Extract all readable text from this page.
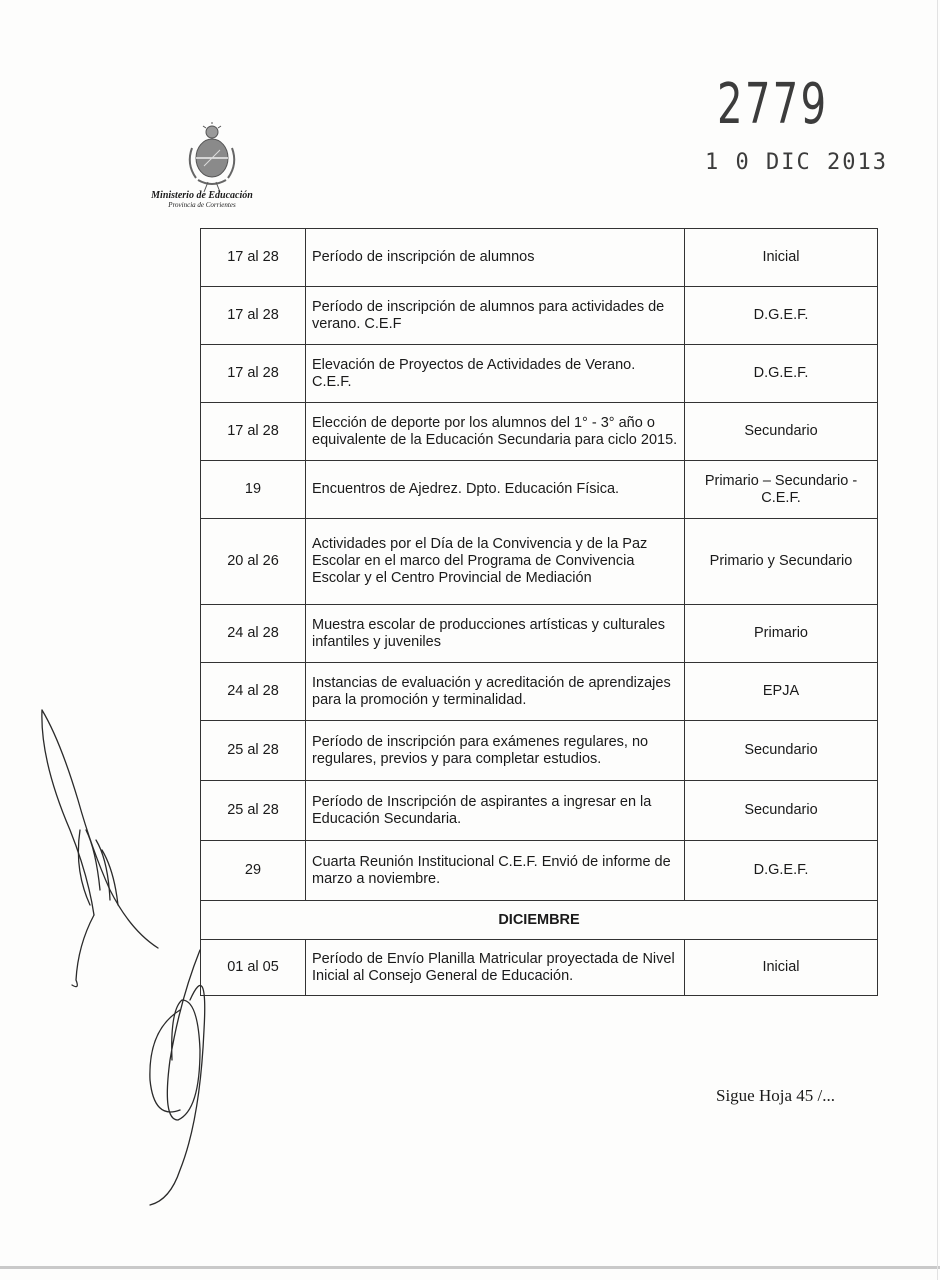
Ministerio de Educación
Provincia de Corrientes
2779
1 0 DIC 2013
17 al 28	Período de inscripción de alumnos	Inicial
17 al 28	Período de inscripción de alumnos para actividades de verano. C.E.F	D.G.E.F.
17 al 28	Elevación de Proyectos de Actividades de Verano. C.E.F.	D.G.E.F.
17 al 28	Elección de deporte por los alumnos del 1° - 3° año o equivalente de la Educación Secundaria para ciclo 2015.	Secundario
19	Encuentros de Ajedrez. Dpto. Educación Física.	Primario – Secundario - C.E.F.
20 al 26	Actividades por el Día de la Convivencia y de la Paz Escolar en el marco del Programa de Convivencia Escolar y el Centro Provincial de Mediación	Primario y Secundario
24 al 28	Muestra escolar de producciones artísticas y culturales infantiles y juveniles	Primario
24 al 28	Instancias de evaluación y acreditación de aprendizajes para la promoción y terminalidad.	EPJA
25 al 28	Período de inscripción para exámenes regulares, no regulares, previos y para completar estudios.	Secundario
25 al 28	Período de Inscripción de aspirantes a ingresar en la Educación Secundaria.	Secundario
29	Cuarta Reunión Institucional C.E.F. Envió de informe de marzo a noviembre.	D.G.E.F.
DICIEMBRE		
01 al 05	Período de Envío Planilla Matricular proyectada de Nivel Inicial al Consejo General de Educación.	Inicial
Sigue Hoja 45 /...
